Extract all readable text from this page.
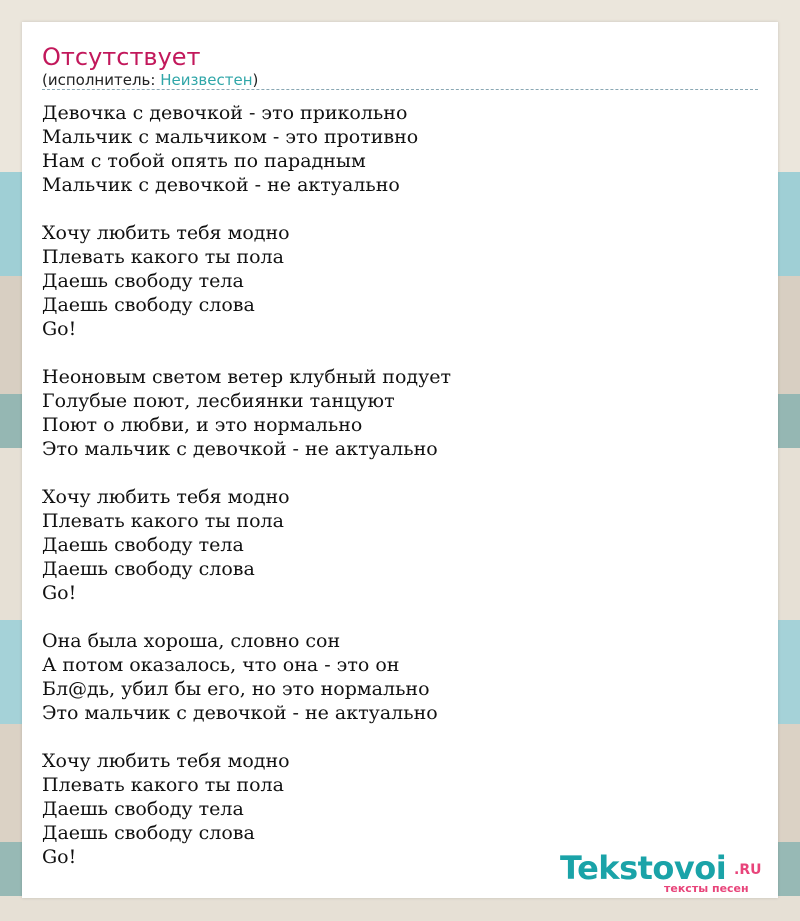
Отсутствует
(исполнитель: Неизвестен)
Девочка с девочкой - это прикольно
Мальчик с мальчиком - это противно
Нам с тобой опять по парадным
Мальчик с девочкой - не актуально
Хочу любить тебя модно
Плевать какого ты пола
Даешь свободу тела
Даешь свободу слова
Go!
Неоновым светом ветер клубный подует
Голубые поют, лесбиянки танцуют
Поют о любви, и это нормально
Это мальчик с девочкой - не актуально
Хочу любить тебя модно
Плевать какого ты пола
Даешь свободу тела
Даешь свободу слова
Go!
Она была хороша, словно сон
А потом оказалось, что она - это он
Бл@дь, убил бы его, но это нормально
Это мальчик с девочкой - не актуально
Хочу любить тебя модно
Плевать какого ты пола
Даешь свободу тела
Даешь свободу слова
Go!	Tekstovoi .RU
тексты песен
